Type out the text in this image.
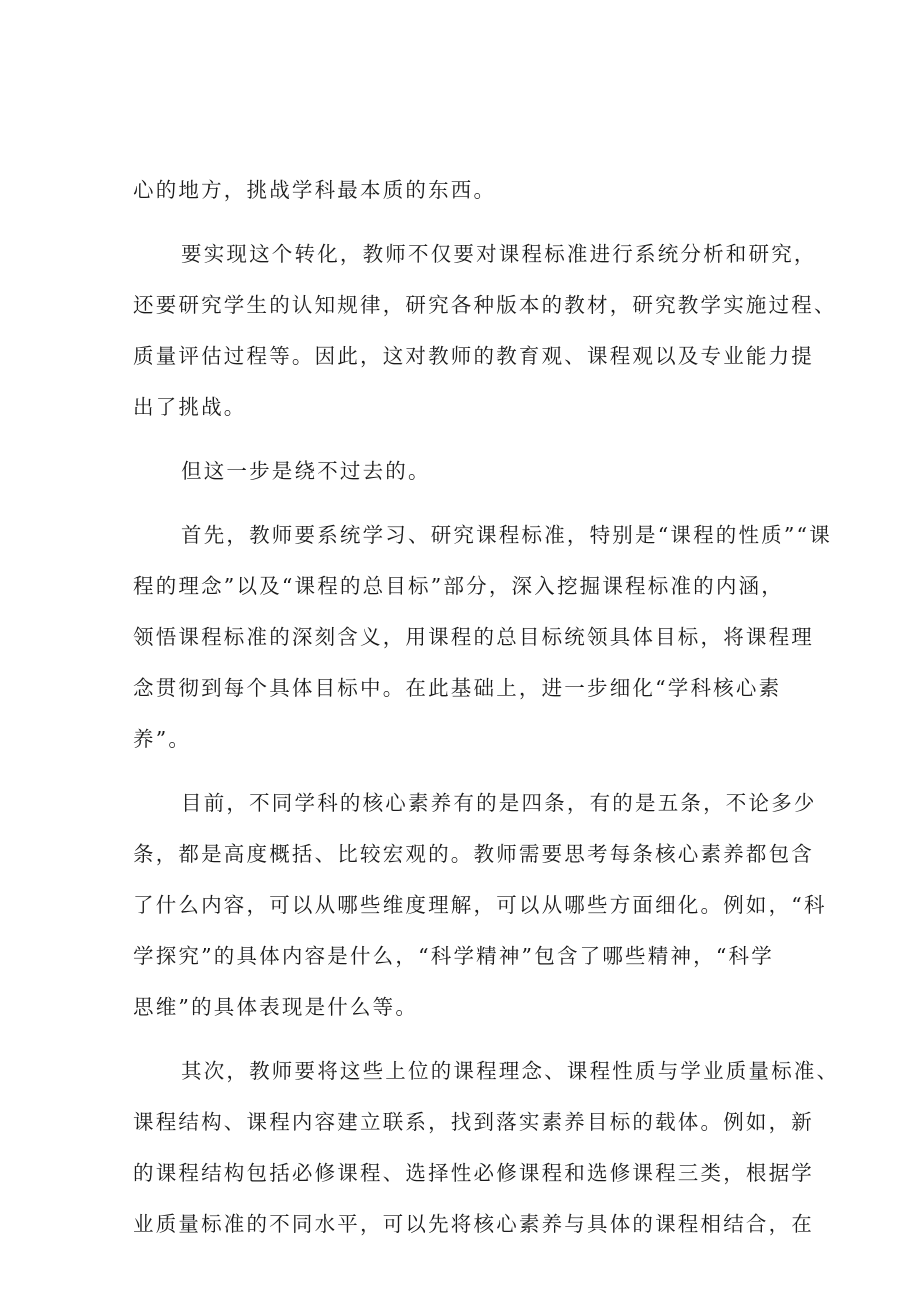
心的地方，挑战学科最本质的东西。
要实现这个转化，教师不仅要对课程标准进行系统分析和研究，
还要研究学生的认知规律，研究各种版本的教材，研究教学实施过程、
质量评估过程等。因此，这对教师的教育观、课程观以及专业能力提
出了挑战。
但这一步是绕不过去的。
首先，教师要系统学习、研究课程标准，特别是“课程的性质”“课
程的理念”以及“课程的总目标”部分，深入挖掘课程标准的内涵，
领悟课程标准的深刻含义，用课程的总目标统领具体目标，将课程理
念贯彻到每个具体目标中。在此基础上，进一步细化“学科核心素
养”。
目前，不同学科的核心素养有的是四条，有的是五条，不论多少
条，都是高度概括、比较宏观的。教师需要思考每条核心素养都包含
了什么内容，可以从哪些维度理解，可以从哪些方面细化。例如，“科
学探究”的具体内容是什么，“科学精神”包含了哪些精神，“科学
思维”的具体表现是什么等。
其次，教师要将这些上位的课程理念、课程性质与学业质量标准、
课程结构、课程内容建立联系，找到落实素养目标的载体。例如，新
的课程结构包括必修课程、选择性必修课程和选修课程三类，根据学
业质量标准的不同水平，可以先将核心素养与具体的课程相结合，在
